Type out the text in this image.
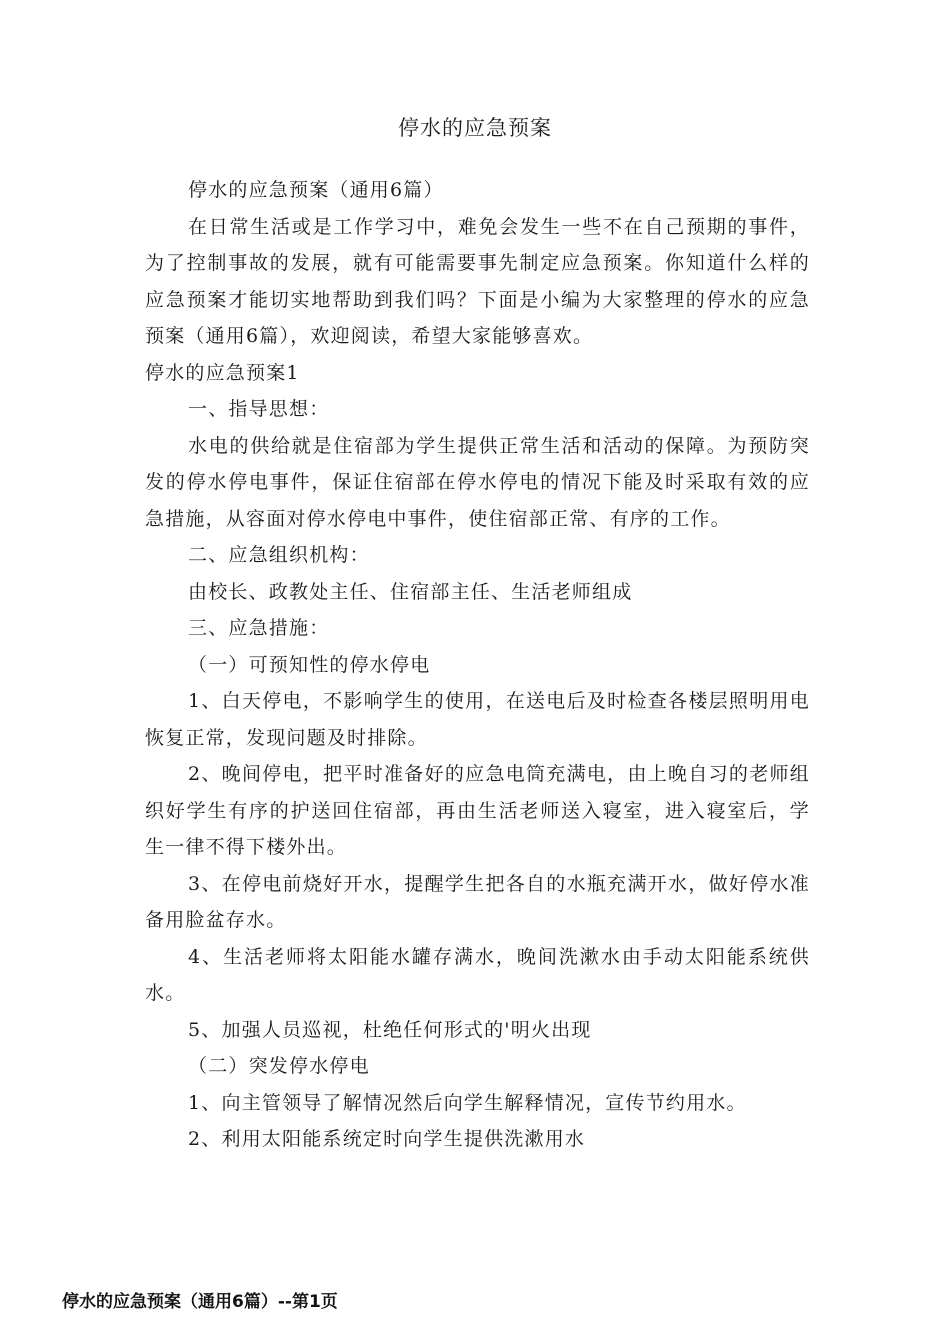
停水的应急预案

停水的应急预案（通用6篇）

在日常生活或是工作学习中，难免会发生一些不在自己预期的事件，为了控制事故的发展，就有可能需要事先制定应急预案。你知道什么样的应急预案才能切实地帮助到我们吗？下面是小编为大家整理的停水的应急预案（通用6篇），欢迎阅读，希望大家能够喜欢。

停水的应急预案1

一、指导思想：

水电的供给就是住宿部为学生提供正常生活和活动的保障。为预防突发的停水停电事件，保证住宿部在停水停电的情况下能及时采取有效的应急措施，从容面对停水停电中事件，使住宿部正常、有序的工作。

二、应急组织机构：

由校长、政教处主任、住宿部主任、生活老师组成

三、应急措施：

（一）可预知性的停水停电

1、白天停电，不影响学生的使用，在送电后及时检查各楼层照明用电恢复正常，发现问题及时排除。

2、晚间停电，把平时准备好的应急电筒充满电，由上晚自习的老师组织好学生有序的护送回住宿部，再由生活老师送入寝室，进入寝室后，学生一律不得下楼外出。

3、在停电前烧好开水，提醒学生把各自的水瓶充满开水，做好停水准备用脸盆存水。

4、生活老师将太阳能水罐存满水，晚间洗漱水由手动太阳能系统供水。

5、加强人员巡视，杜绝任何形式的'明火出现

（二）突发停水停电

1、向主管领导了解情况然后向学生解释情况，宣传节约用水。

2、利用太阳能系统定时向学生提供洗漱用水

停水的应急预案（通用6篇）--第1页
